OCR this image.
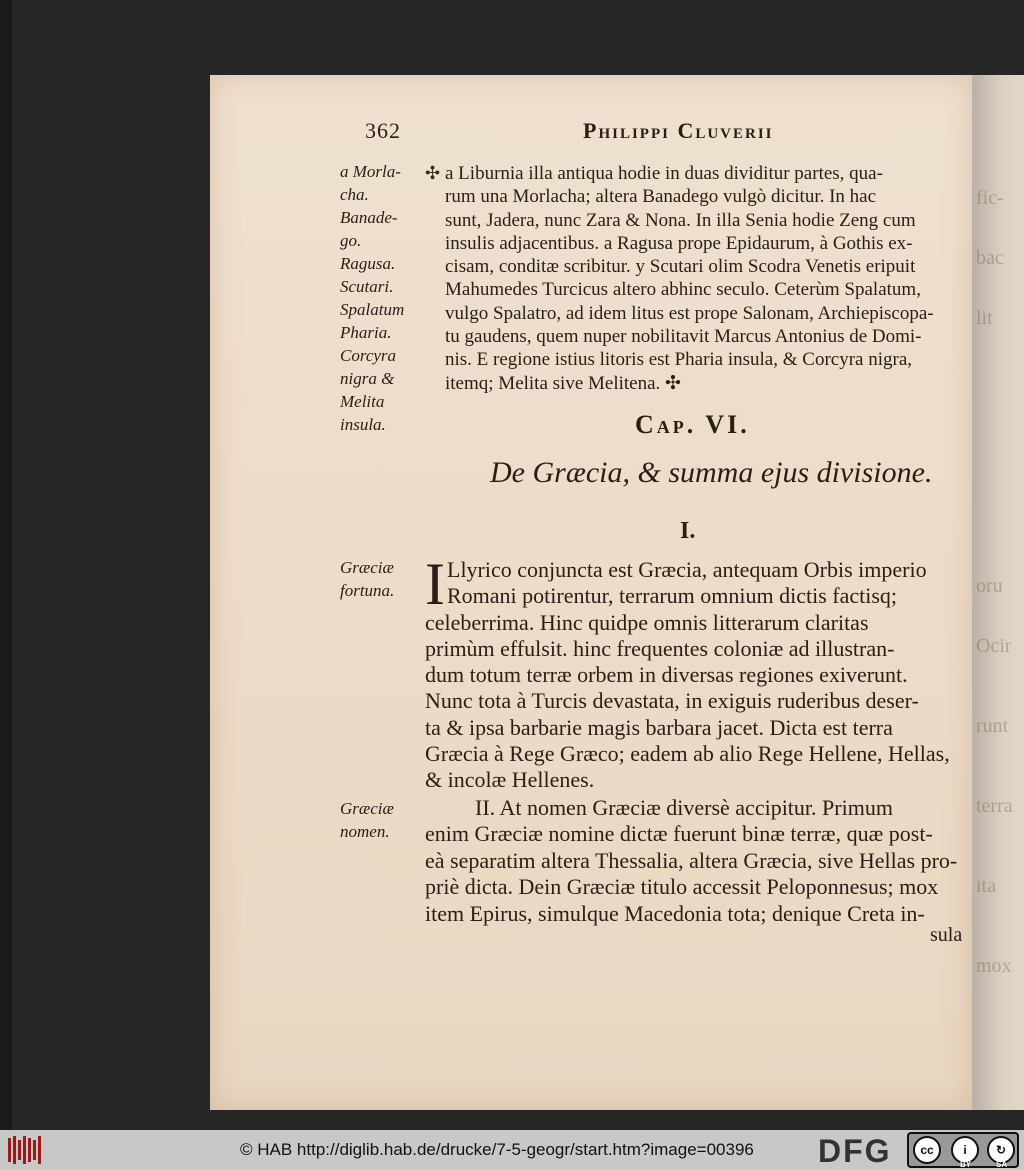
fic-
bac
lit
oru
Ocir
runt
terra
ita
mox
362	Philippi Cluverii
a Morla-
cha.
Banade-
go.
Ragusa.
Scutari.
Spalatum
Pharia.
Corcyra
nigra &
Melita
insula.
✣ a Liburnia illa antiqua hodie in duas dividitur partes, qua-
rum una Morlacha; altera Banadego vulgò dicitur. In hac
sunt, Jadera, nunc Zara & Nona. In illa Senia hodie Zeng cum
insulis adjacentibus. a Ragusa prope Epidaurum, à Gothis ex-
cisam, conditæ scribitur. y Scutari olim Scodra Venetis eripuit
Mahumedes Turcicus altero abhinc seculo. Ceterùm Spalatum,
vulgo Spalatro, ad idem litus est prope Salonam, Archiepiscopa-
tu gaudens, quem nuper nobilitavit Marcus Antonius de Domi-
nis. E regione istius litoris est Pharia insula, & Corcyra nigra,
itemq; Melita sive Melitena. ✣
Cap. VI.
De Græcia, & summa ejus divisione.
I.
Græciæ
fortuna. I Llyrico conjuncta est Græcia, antequam Orbis imperio
Romani potirentur, terrarum omnium dictis factisq;
celeberrima. Hinc quidpe omnis litterarum claritas
primùm effulsit. hinc frequentes coloniæ ad illustran-
dum totum terræ orbem in diversas regiones exiverunt.
Nunc tota à Turcis devastata, in exiguis ruderibus deser-
ta & ipsa barbarie magis barbara jacet. Dicta est terra
Græcia à Rege Græco; eadem ab alio Rege Hellene, Hellas,
& incolæ Hellenes.
Græciæ
nomen.
II. At nomen Græciæ diversè accipitur. Primum
enim Græciæ nomine dictæ fuerunt binæ terræ, quæ post-
eà separatim altera Thessalia, altera Græcia, sive Hellas pro-
priè dicta. Dein Græciæ titulo accessit Peloponnesus; mox
item Epirus, simulque Macedonia tota; denique Creta in-
sula
© HAB http://diglib.hab.de/drucke/7-5-geogr/start.htm?image=00396 DFG	cc	i	↻
BY	SA
